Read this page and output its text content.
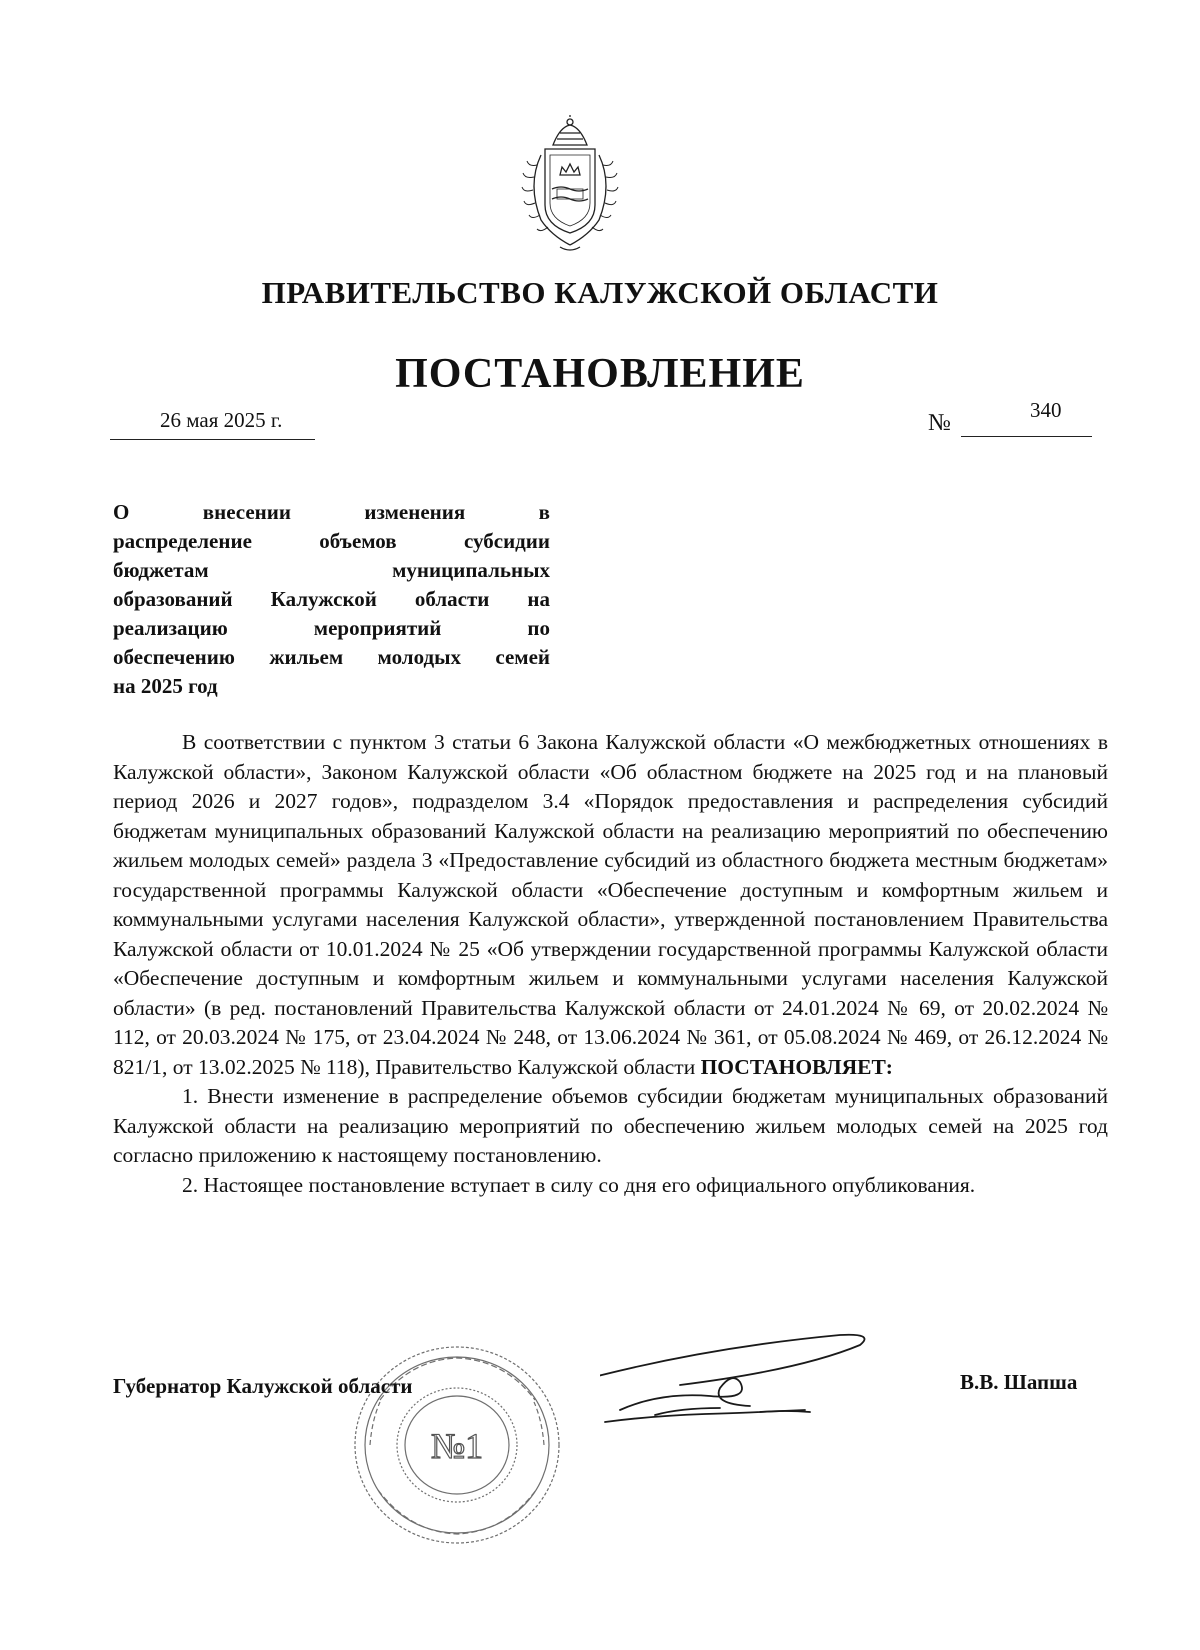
ПРАВИТЕЛЬСТВО КАЛУЖСКОЙ ОБЛАСТИ
ПОСТАНОВЛЕНИЕ
26 мая 2025 г.	№	340
О внесении изменения в
распределение объемов субсидии
бюджетам муниципальных
образований Калужской области на
реализацию мероприятий по
обеспечению жильем молодых семей
на 2025 год

В соответствии с пунктом 3 статьи 6 Закона Калужской области «О межбюджетных отношениях в Калужской области», Законом Калужской области «Об областном бюджете на 2025 год и на плановый период 2026 и 2027 годов», подразделом 3.4 «Порядок предоставления и распределения субсидий бюджетам муниципальных образований Калужской области на реализацию мероприятий по обеспечению жильем молодых семей» раздела 3 «Предоставление субсидий из областного бюджета местным бюджетам» государственной программы Калужской области «Обеспечение доступным и комфортным жильем и коммунальными услугами населения Калужской области», утвержденной постановлением Правительства Калужской области от 10.01.2024 № 25 «Об утверждении государственной программы Калужской области «Обеспечение доступным и комфортным жильем и коммунальными услугами населения Калужской области» (в ред. постановлений Правительства Калужской области от 24.01.2024 № 69, от 20.02.2024 № 112, от 20.03.2024 № 175, от 23.04.2024 № 248, от 13.06.2024 № 361, от 05.08.2024 № 469, от 26.12.2024 № 821/1, от 13.02.2025 № 118), Правительство Калужской области ПОСТАНОВЛЯЕТ:

1. Внести изменение в распределение объемов субсидии бюджетам муниципальных образований Калужской области на реализацию мероприятий по обеспечению жильем молодых семей на 2025 год согласно приложению к настоящему постановлению.

2. Настоящее постановление вступает в силу со дня его официального опубликования.

№1
Губернатор Калужской области	В.В. Шапша
